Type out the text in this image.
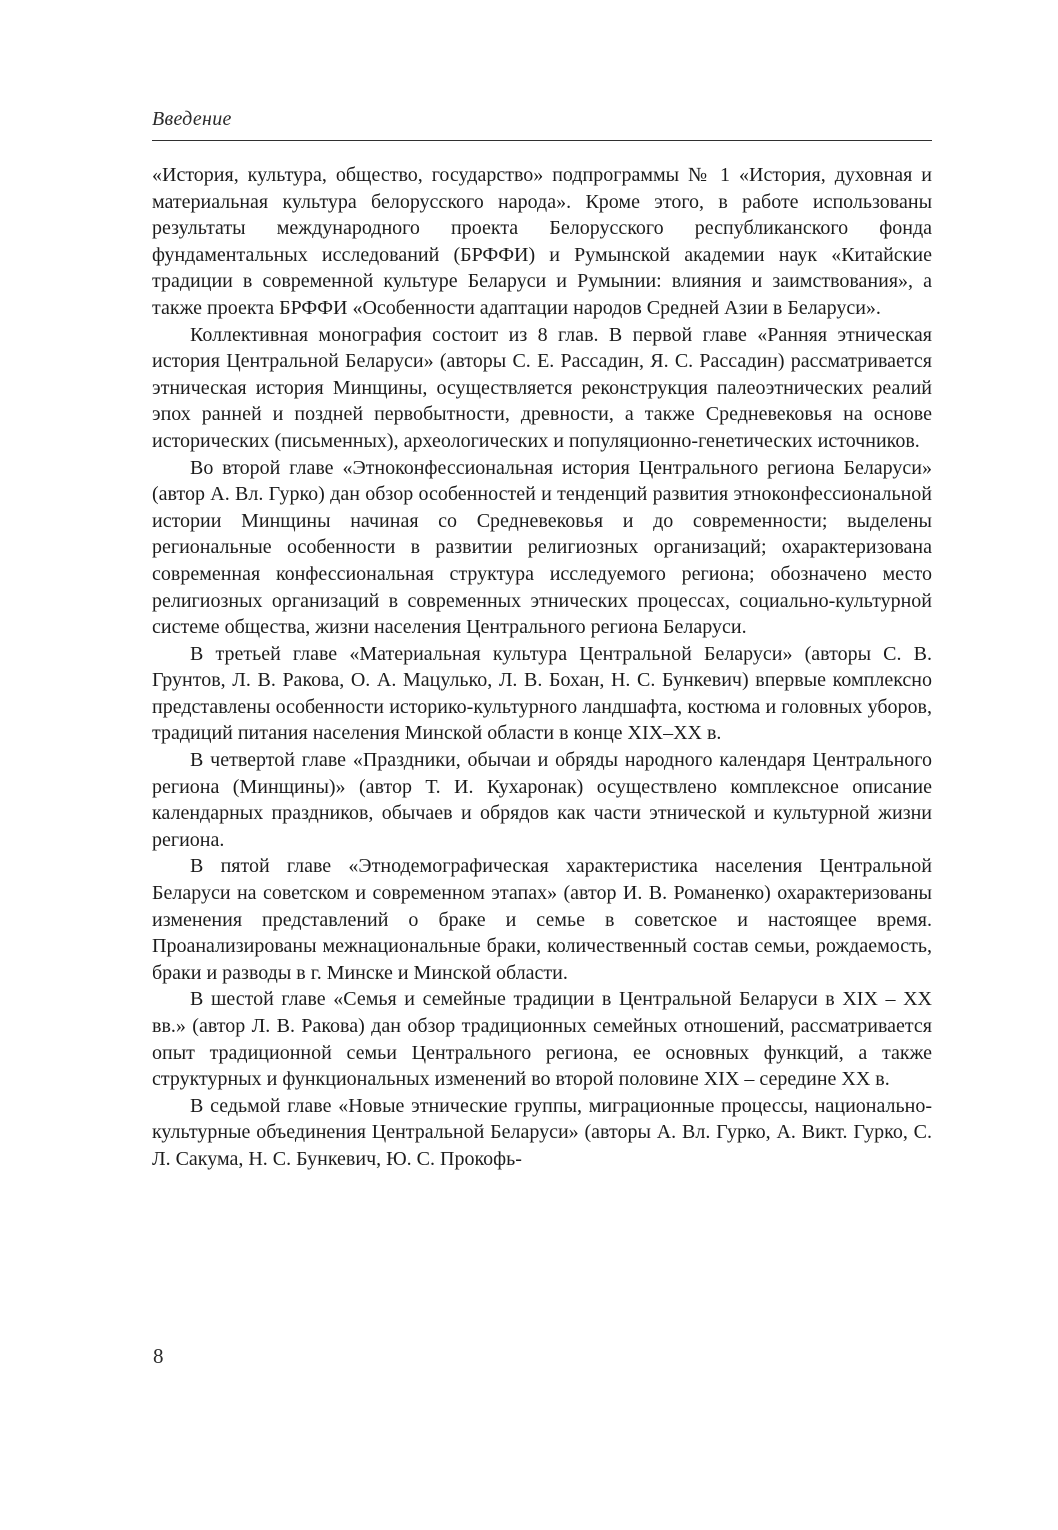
Введение

«История, культура, общество, государство» подпрограммы № 1 «История, духовная и материальная культура белорусского народа». Кроме этого, в работе использованы результаты международного проекта Белорусского республиканского фонда фундаментальных исследований (БРФФИ) и Румынской академии наук «Китайские традиции в современной культуре Беларуси и Румынии: влияния и заимствования», а также проекта БРФФИ «Особенности адаптации народов Средней Азии в Беларуси».

Коллективная монография состоит из 8 глав. В первой главе «Ранняя этническая история Центральной Беларуси» (авторы С. Е. Рассадин, Я. С. Рассадин) рассматривается этническая история Минщины, осуществляется реконструкция палеоэтнических реалий эпох ранней и поздней первобытности, древности, а также Средневековья на основе исторических (письменных), археологических и популяционно-генетических источников.

Во второй главе «Этноконфессиональная история Центрального региона Беларуси» (автор А. Вл. Гурко) дан обзор особенностей и тенденций развития этноконфессиональной истории Минщины начиная со Средневековья и до современности; выделены региональные особенности в развитии религиозных организаций; охарактеризована современная конфессиональная структура исследуемого региона; обозначено место религиозных организаций в современных этнических процессах, социально-культурной системе общества, жизни населения Центрального региона Беларуси.

В третьей главе «Материальная культура Центральной Беларуси» (авторы С. В. Грунтов, Л. В. Ракова, О. А. Мацулько, Л. В. Бохан, Н. С. Бункевич) впервые комплексно представлены особенности историко-культурного ландшафта, костюма и головных уборов, традиций питания населения Минской области в конце XIX–XX в.

В четвертой главе «Праздники, обычаи и обряды народного календаря Центрального региона (Минщины)» (автор Т. И. Кухаронак) осуществлено комплексное описание календарных праздников, обычаев и обрядов как части этнической и культурной жизни региона.

В пятой главе «Этнодемографическая характеристика населения Центральной Беларуси на советском и современном этапах» (автор И. В. Романенко) охарактеризованы изменения представлений о браке и семье в советское и настоящее время. Проанализированы межнациональные браки, количественный состав семьи, рождаемость, браки и разводы в г. Минске и Минской области.

В шестой главе «Семья и семейные традиции в Центральной Беларуси в XIX – XX вв.» (автор Л. В. Ракова) дан обзор традиционных семейных отношений, рассматривается опыт традиционной семьи Центрального региона, ее основных функций, а также структурных и функциональных изменений во второй половине XIX – середине XX в.

В седьмой главе «Новые этнические группы, миграционные процессы, национально-культурные объединения Центральной Беларуси» (авторы А. Вл. Гурко, А. Викт. Гурко, С. Л. Сакума, Н. С. Бункевич, Ю. С. Прокофь-

8
